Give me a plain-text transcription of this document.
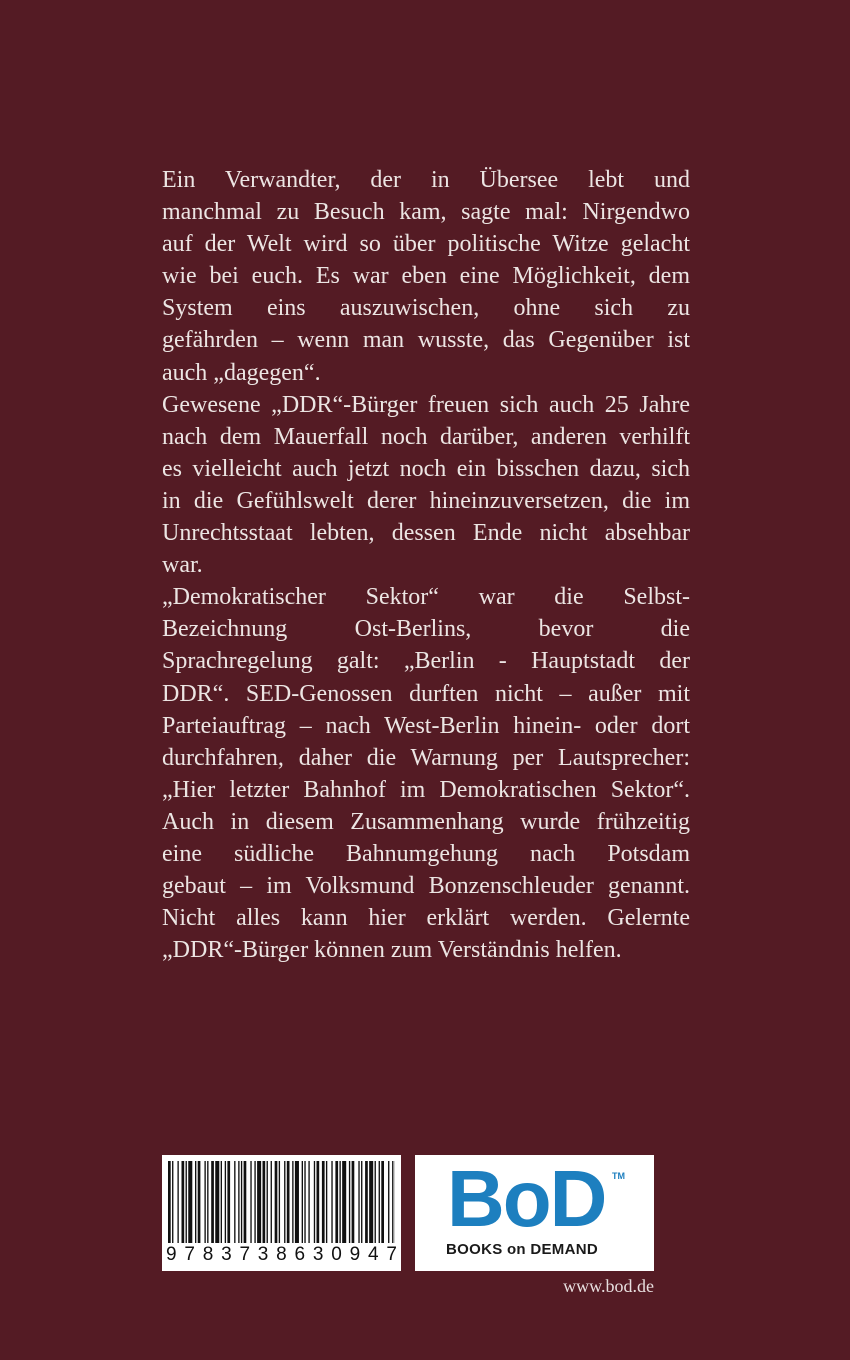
Ein Verwandter, der in Übersee lebt und
manchmal zu Besuch kam, sagte mal: Nirgendwo
auf der Welt wird so über politische Witze gelacht
wie bei euch. Es war eben eine Möglichkeit, dem
System eins auszuwischen, ohne sich zu
gefährden – wenn man wusste, das Gegenüber ist
auch „dagegen“.
Gewesene „DDR“-Bürger freuen sich auch 25 Jahre
nach dem Mauerfall noch darüber, anderen verhilft
es vielleicht auch jetzt noch ein bisschen dazu, sich
in die Gefühlswelt derer hineinzuversetzen, die im
Unrechtsstaat lebten, dessen Ende nicht absehbar
war.
„Demokratischer Sektor“ war die Selbst-
Bezeichnung Ost-Berlins, bevor die
Sprachregelung galt: „Berlin - Hauptstadt der
DDR“. SED-Genossen durften nicht – außer mit
Parteiauftrag – nach West-Berlin hinein- oder dort
durchfahren, daher die Warnung per Lautsprecher:
„Hier letzter Bahnhof im Demokratischen Sektor“.
Auch in diesem Zusammenhang wurde frühzeitig
eine südliche Bahnumgehung nach Potsdam
gebaut – im Volksmund Bonzenschleuder genannt.
Nicht alles kann hier erklärt werden. Gelernte
„DDR“-Bürger können zum Verständnis helfen.
9 7 8 3 7 3 8 6 3 0 9 4 7
BoD TM
BOOKS on DEMAND
www.bod.de
